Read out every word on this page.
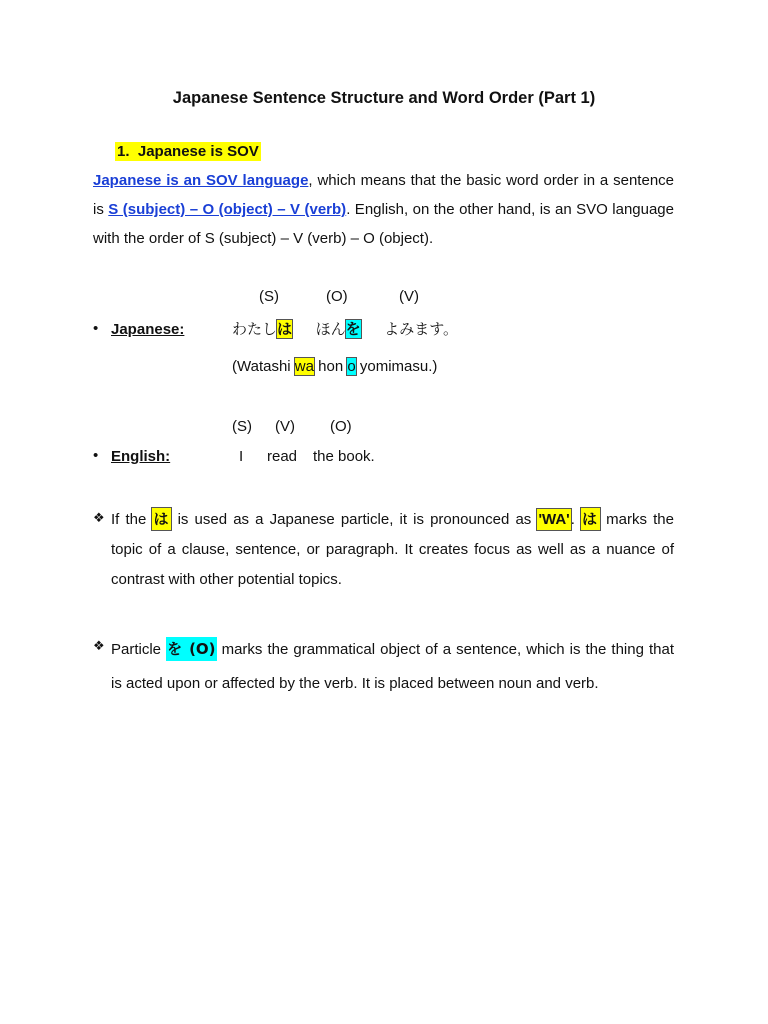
Japanese Sentence Structure and Word Order (Part 1)
1. Japanese is SOV
Japanese is an SOV language, which means that the basic word order in a sentence is S (subject) – O (object) – V (verb). English, on the other hand, is an SVO language with the order of S (subject) – V (verb) – O (object).
(S)	(O)	(V)
• Japanese:	わたしは ほんを よみます。
(Watashi wa hon o yomimasu.)
(S) (V) (O)
• English:	I read the book.
❖ If the は is used as a Japanese particle, it is pronounced as 'WA'. は marks the topic of a clause, sentence, or paragraph. It creates focus as well as a nuance of contrast with other potential topics.
❖ Particle を (O) marks the grammatical object of a sentence, which is the thing that is acted upon or affected by the verb. It is placed between noun and verb.
